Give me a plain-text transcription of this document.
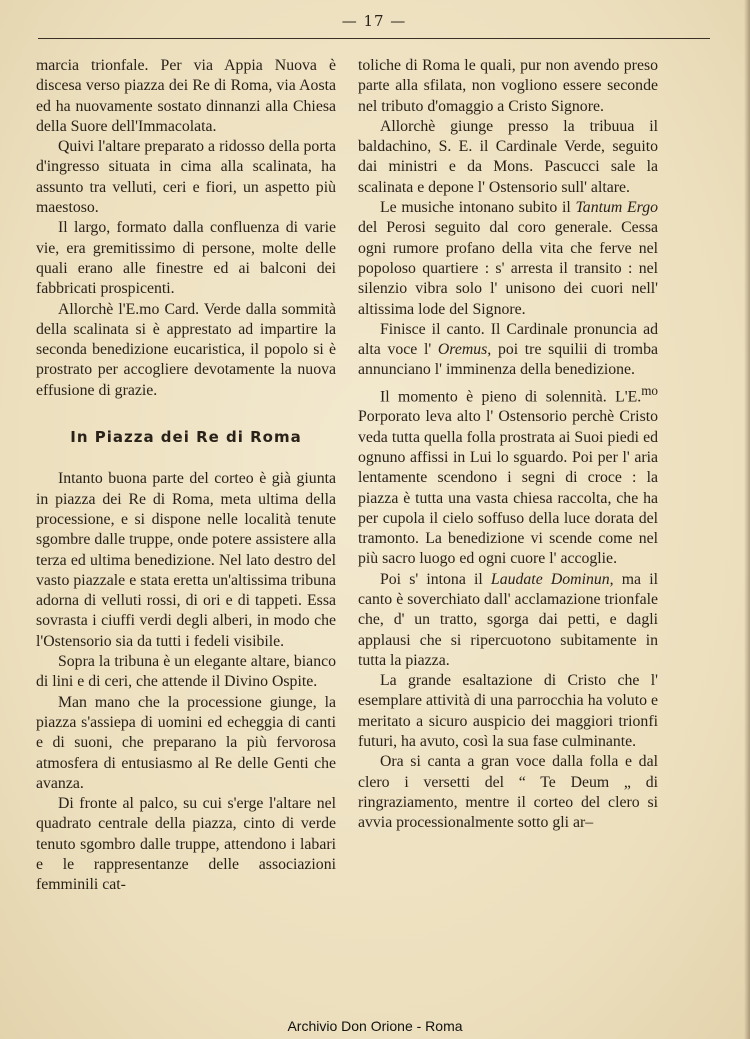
— 17 —

marcia trionfale. Per via Appia Nuova è discesa verso piazza dei Re di Roma, via Aosta ed ha nuovamente sostato dinnanzi alla Chiesa della Suore dell'Immacolata.

Quivi l'altare preparato a ridosso della porta d'ingresso situata in cima alla scalinata, ha assunto tra velluti, ceri e fiori, un aspetto più maestoso.

Il largo, formato dalla confluenza di varie vie, era gremitissimo di persone, molte delle quali erano alle finestre ed ai balconi dei fabbricati prospicenti.

Allorchè l'E.mo Card. Verde dalla sommità della scalinata si è apprestato ad impartire la seconda benedizione eucaristica, il popolo si è prostrato per accogliere devotamente la nuova effusione di grazie.

In Piazza dei Re di Roma

Intanto buona parte del corteo è già giunta in piazza dei Re di Roma, meta ultima della processione, e si dispone nelle località tenute sgombre dalle truppe, onde potere assistere alla terza ed ultima benedizione. Nel lato destro del vasto piazzale e stata eretta un'altissima tribuna adorna di velluti rossi, di ori e di tappeti. Essa sovrasta i ciuffi verdi degli alberi, in modo che l'Ostensorio sia da tutti i fedeli visibile.

Sopra la tribuna è un elegante altare, bianco di lini e di ceri, che attende il Divino Ospite.

Man mano che la processione giunge, la piazza s'assiepa di uomini ed echeggia di canti e di suoni, che preparano la più fervorosa atmosfera di entusiasmo al Re delle Genti che avanza.

Di fronte al palco, su cui s'erge l'altare nel quadrato centrale della piazza, cinto di verde tenuto sgombro dalle truppe, attendono i labari e le rappresentanze delle associazioni femminili cat-

toliche di Roma le quali, pur non avendo preso parte alla sfilata, non vogliono essere seconde nel tributo d'omaggio a Cristo Signore.

Allorchè giunge presso la tribuua il baldachino, S. E. il Cardinale Verde, seguito dai ministri e da Mons. Pascucci sale la scalinata e depone l' Ostensorio sull' altare.

Le musiche intonano subito il Tantum Ergo del Perosi seguito dal coro generale. Cessa ogni rumore profano della vita che ferve nel popoloso quartiere : s' arresta il transito : nel silenzio vibra solo l' unisono dei cuori nell' altissima lode del Signore.

Finisce il canto. Il Cardinale pronuncia ad alta voce l' Oremus, poi tre squilii di tromba annunciano l' imminenza della benedizione.

Il momento è pieno di solennità. L'E.$^{mo}$ Porporato leva alto l' Ostensorio perchè Cristo veda tutta quella folla prostrata ai Suoi piedi ed ognuno affissi in Lui lo sguardo. Poi per l' aria lentamente scendono i segni di croce : la piazza è tutta una vasta chiesa raccolta, che ha per cupola il cielo soffuso della luce dorata del tramonto. La benedizione vi scende come nel più sacro luogo ed ogni cuore l' accoglie.

Poi s' intona il Laudate Dominun, ma il canto è soverchiato dall' acclamazione trionfale che, d' un tratto, sgorga dai petti, e dagli applausi che si ripercuotono subitamente in tutta la piazza.

La grande esaltazione di Cristo che l' esemplare attività di una parrocchia ha voluto e meritato a sicuro auspicio dei maggiori trionfi futuri, ha avuto, così la sua fase culminante.

Ora si canta a gran voce dalla folla e dal clero i versetti del “ Te Deum „ di ringraziamento, mentre il corteo del clero si avvia processionalmente sotto gli ar–

Archivio Don Orione - Roma
